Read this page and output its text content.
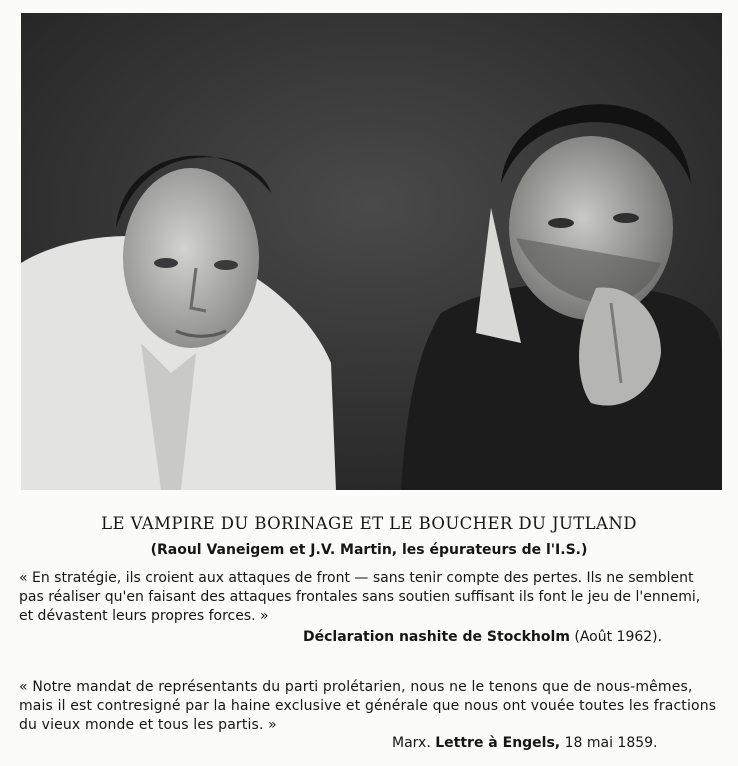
LE VAMPIRE DU BORINAGE ET LE BOUCHER DU JUTLAND
(Raoul Vaneigem et J.V. Martin, les épurateurs de l'I.S.)
« En stratégie, ils croient aux attaques de front — sans tenir compte des pertes. Ils ne semblent
pas réaliser qu'en faisant des attaques frontales sans soutien suffisant ils font le jeu de l'ennemi,
et dévastent leurs propres forces. »
Déclaration nashite de Stockholm (Août 1962).
« Notre mandat de représentants du parti prolétarien, nous ne le tenons que de nous-mêmes,
mais il est contresigné par la haine exclusive et générale que nous ont vouée toutes les fractions
du vieux monde et tous les partis. »
Marx. Lettre à Engels, 18 mai 1859.
